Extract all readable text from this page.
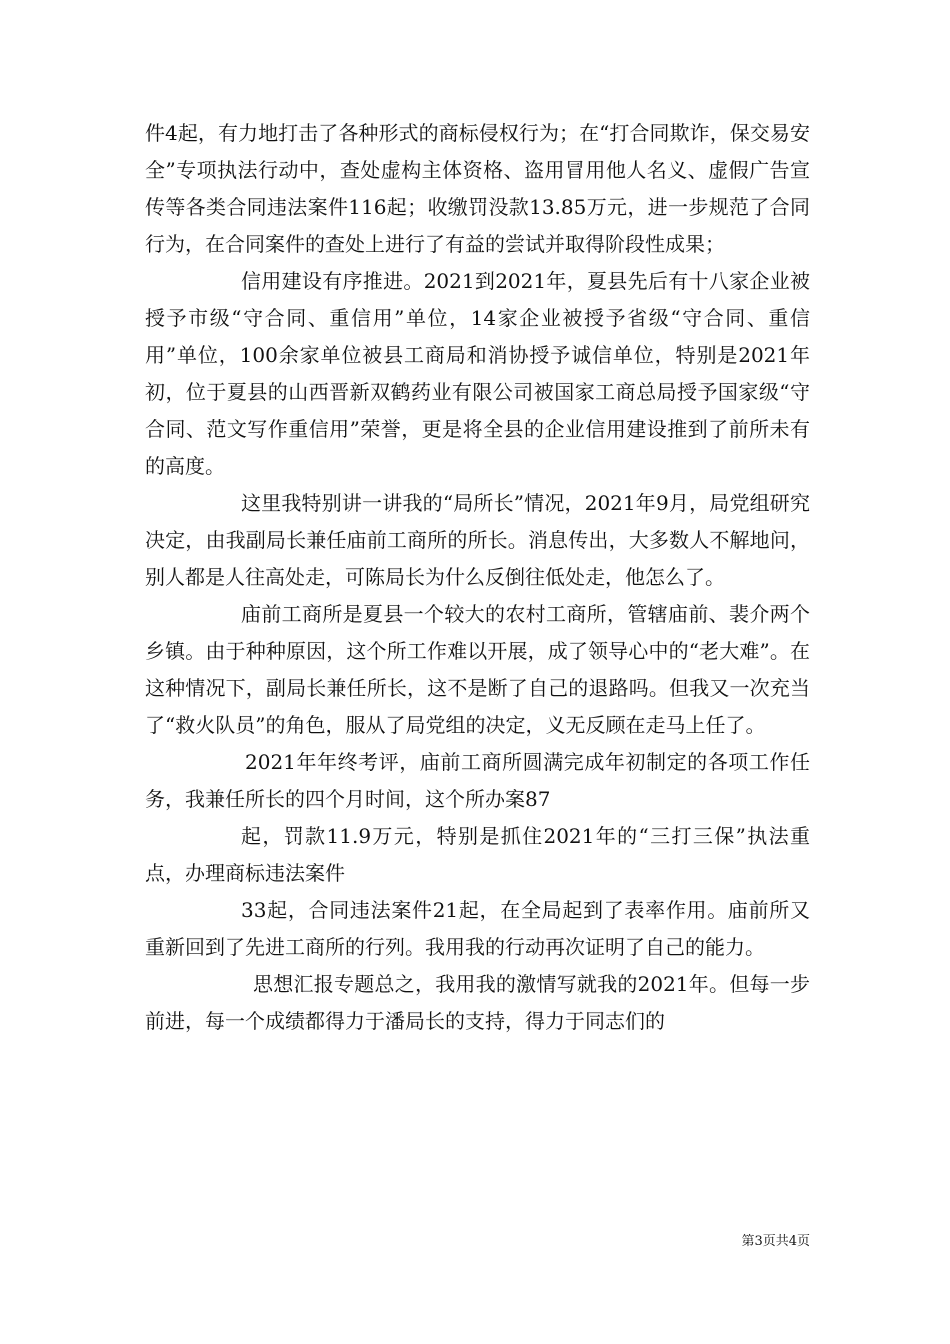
件4起，有力地打击了各种形式的商标侵权行为；在“打合同欺诈，保交易安全”专项执法行动中，查处虚构主体资格、盗用冒用他人名义、虚假广告宣传等各类合同违法案件116起；收缴罚没款13.85万元，进一步规范了合同行为，在合同案件的查处上进行了有益的尝试并取得阶段性成果；

信用建设有序推进。2021到2021年，夏县先后有十八家企业被授予市级“守合同、重信用”单位，14家企业被授予省级“守合同、重信用”单位，100余家单位被县工商局和消协授予诚信单位，特别是2021年初，位于夏县的山西晋新双鹤药业有限公司被国家工商总局授予国家级“守合同、范文写作重信用”荣誉，更是将全县的企业信用建设推到了前所未有的高度。

这里我特别讲一讲我的“局所长”情况，2021年9月，局党组研究决定，由我副局长兼任庙前工商所的所长。消息传出，大多数人不解地问，别人都是人往高处走，可陈局长为什么反倒往低处走，他怎么了。

庙前工商所是夏县一个较大的农村工商所，管辖庙前、裴介两个乡镇。由于种种原因，这个所工作难以开展，成了领导心中的“老大难”。在这种情况下，副局长兼任所长，这不是断了自己的退路吗。但我又一次充当了“救火队员”的角色，服从了局党组的决定，义无反顾在走马上任了。

2021年年终考评，庙前工商所圆满完成年初制定的各项工作任务，我兼任所长的四个月时间，这个所办案87

起，罚款11.9万元，特别是抓住2021年的“三打三保”执法重点，办理商标违法案件

33起，合同违法案件21起，在全局起到了表率作用。庙前所又重新回到了先进工商所的行列。我用我的行动再次证明了自己的能力。

思想汇报专题总之，我用我的激情写就我的2021年。但每一步前进，每一个成绩都得力于潘局长的支持，得力于同志们的

第3页共4页
